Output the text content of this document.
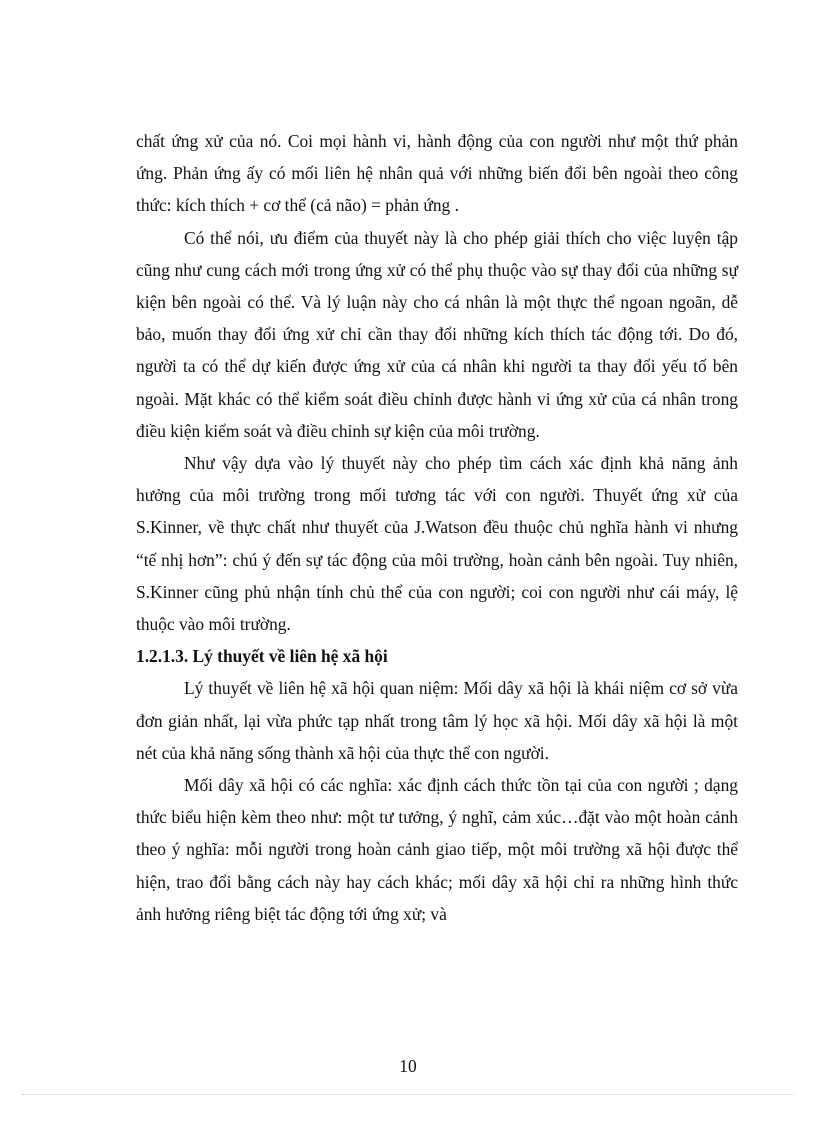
chất ứng xử của nó. Coi mọi hành vi, hành động của con người như một thứ phản ứng. Phản ứng ấy có mối liên hệ nhân quả với những biến đổi bên ngoài theo công thức: kích thích + cơ thể (cả não) = phản ứng .

Có thể nói, ưu điểm của thuyết này là cho phép giải thích cho việc luyện tập cũng như cung cách mới trong ứng xử có thể phụ thuộc vào sự thay đổi của những sự kiện bên ngoài có thể. Và lý luận này cho cá nhân là một thực thể ngoan ngoãn, dễ bảo, muốn thay đổi ứng xử chỉ cần thay đổi những kích thích tác động tới. Do đó, người ta có thể dự kiến được ứng xử của cá nhân khi người ta thay đổi yếu tố bên ngoài. Mặt khác có thể kiểm soát điều chỉnh được hành vi ứng xử của cá nhân trong điều kiện kiểm soát và điều chỉnh sự kiện của môi trường.

Như vậy dựa vào lý thuyết này cho phép tìm cách xác định khả năng ảnh hưởng của môi trường trong mối tương tác với con người. Thuyết ứng xử của S.Kinner, về thực chất như thuyết của J.Watson đều thuộc chủ nghĩa hành vi nhưng “tế nhị hơn”: chú ý đến sự tác động của môi trường, hoàn cảnh bên ngoài. Tuy nhiên, S.Kinner cũng phủ nhận tính chủ thể của con người; coi con người như cái máy, lệ thuộc vào môi trường.

1.2.1.3. Lý thuyết về liên hệ xã hội

Lý thuyết về liên hệ xã hội quan niệm: Mối dây xã hội là khái niệm cơ sở vừa đơn giản nhất, lại vừa phức tạp nhất trong tâm lý học xã hội. Mối dây xã hội là một nét của khả năng sống thành xã hội của thực thể con người.

Mối dây xã hội có các nghĩa: xác định cách thức tồn tại của con người ; dạng thức biểu hiện kèm theo như: một tư tưởng, ý nghĩ, cảm xúc…đặt vào một hoàn cảnh theo ý nghĩa: mỗi người trong hoàn cảnh giao tiếp, một môi trường xã hội được thể hiện, trao đổi bằng cách này hay cách khác; mối dây xã hội chỉ ra những hình thức ảnh hưởng riêng biệt tác động tới ứng xử; và

10
